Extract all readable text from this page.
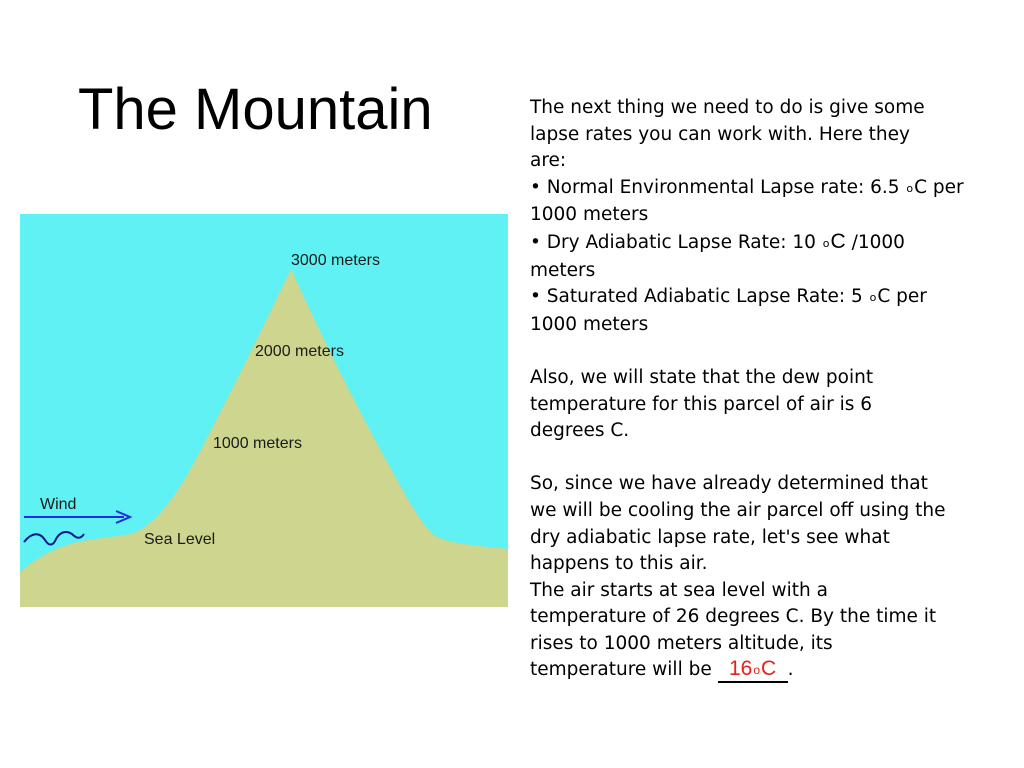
The Mountain
3000 meters
2000 meters
1000 meters
Sea Level
Wind

The next thing we need to do is give some

lapse rates you can work with. Here they

are:

• Normal Environmental Lapse rate: 6.5 oC per

1000 meters

• Dry Adiabatic Lapse Rate: 10 oC /1000

meters

• Saturated Adiabatic Lapse Rate: 5 oC per

1000 meters

Also, we will state that the dew point

temperature for this parcel of air is 6

degrees C.

So, since we have already determined that

we will be cooling the air parcel off using the

dry adiabatic lapse rate, let's see what

happens to this air.

The air starts at sea level with a

temperature of 26 degrees C. By the time it

rises to 1000 meters altitude, its

temperature will be 16oC .
